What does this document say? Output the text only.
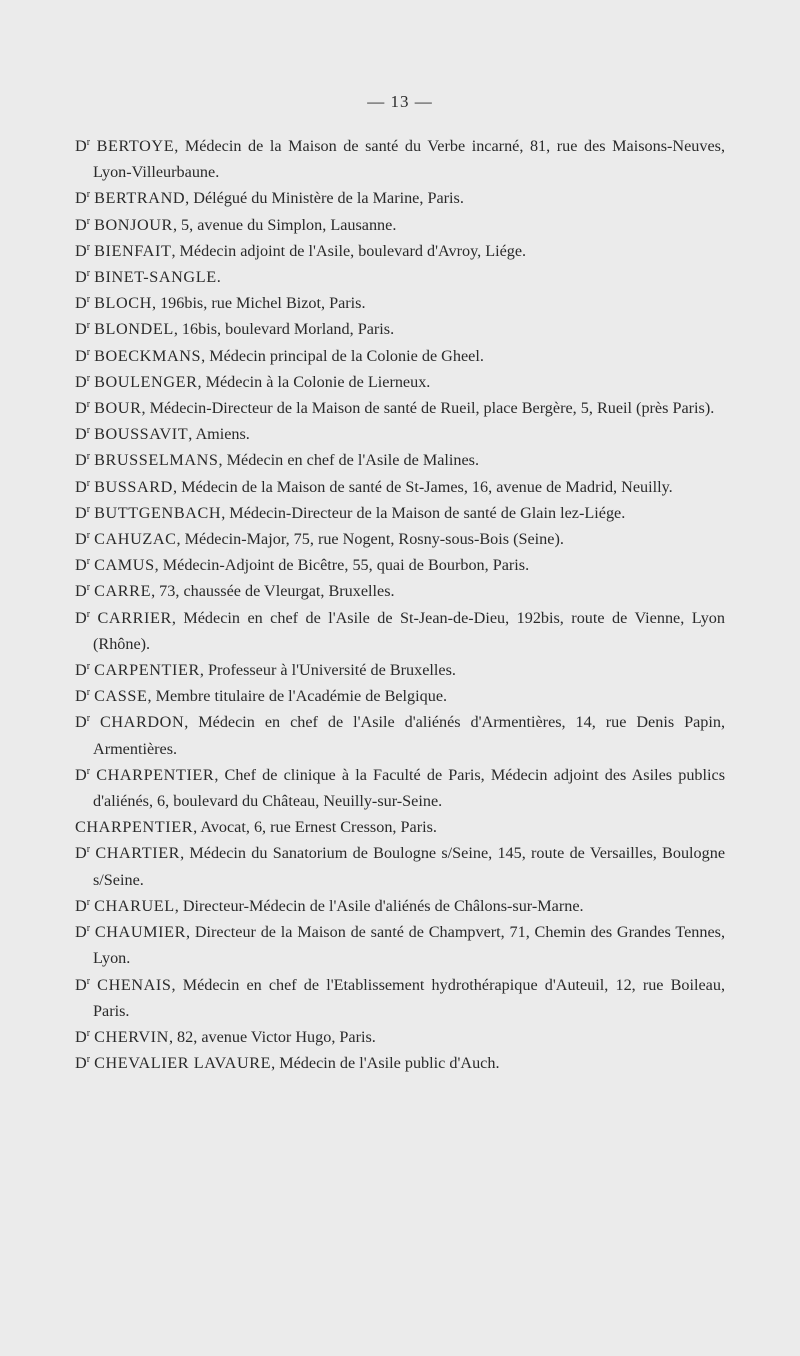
— 13 —

$D^r$ BERTOYE, Médecin de la Maison de santé du Verbe incarné, 81, rue des Maisons-Neuves, Lyon-Villeurbaune.

$D^r$ BERTRAND, Délégué du Ministère de la Marine, Paris.

$D^r$ BONJOUR, 5, avenue du Simplon, Lausanne.

$D^r$ BIENFAIT, Médecin adjoint de l'Asile, boulevard d'Avroy, Liége.

$D^r$ BINET-SANGLE.

$D^r$ BLOCH, 196bis, rue Michel Bizot, Paris.

$D^r$ BLONDEL, 16bis, boulevard Morland, Paris.

$D^r$ BOECKMANS, Médecin principal de la Colonie de Gheel.

$D^r$ BOULENGER, Médecin à la Colonie de Lierneux.

$D^r$ BOUR, Médecin-Directeur de la Maison de santé de Rueil, place Bergère, 5, Rueil (près Paris).

$D^r$ BOUSSAVIT, Amiens.

$D^r$ BRUSSELMANS, Médecin en chef de l'Asile de Malines.

$D^r$ BUSSARD, Médecin de la Maison de santé de St-James, 16, avenue de Madrid, Neuilly.

$D^r$ BUTTGENBACH, Médecin-Directeur de la Maison de santé de Glain lez-Liége.

$D^r$ CAHUZAC, Médecin-Major, 75, rue Nogent, Rosny-sous-Bois (Seine).

$D^r$ CAMUS, Médecin-Adjoint de Bicêtre, 55, quai de Bourbon, Paris.

$D^r$ CARRE, 73, chaussée de Vleurgat, Bruxelles.

$D^r$ CARRIER, Médecin en chef de l'Asile de St-Jean-de-Dieu, 192bis, route de Vienne, Lyon (Rhône).

$D^r$ CARPENTIER, Professeur à l'Université de Bruxelles.

$D^r$ CASSE, Membre titulaire de l'Académie de Belgique.

$D^r$ CHARDON, Médecin en chef de l'Asile d'aliénés d'Armentières, 14, rue Denis Papin, Armentières.

$D^r$ CHARPENTIER, Chef de clinique à la Faculté de Paris, Médecin adjoint des Asiles publics d'aliénés, 6, boulevard du Château, Neuilly-sur-Seine.

CHARPENTIER, Avocat, 6, rue Ernest Cresson, Paris.

$D^r$ CHARTIER, Médecin du Sanatorium de Boulogne s/Seine, 145, route de Versailles, Boulogne s/Seine.

$D^r$ CHARUEL, Directeur-Médecin de l'Asile d'aliénés de Châlons-sur-Marne.

$D^r$ CHAUMIER, Directeur de la Maison de santé de Champvert, 71, Chemin des Grandes Tennes, Lyon.

$D^r$ CHENAIS, Médecin en chef de l'Etablissement hydrothérapique d'Auteuil, 12, rue Boileau, Paris.

$D^r$ CHERVIN, 82, avenue Victor Hugo, Paris.

$D^r$ CHEVALIER LAVAURE, Médecin de l'Asile public d'Auch.
